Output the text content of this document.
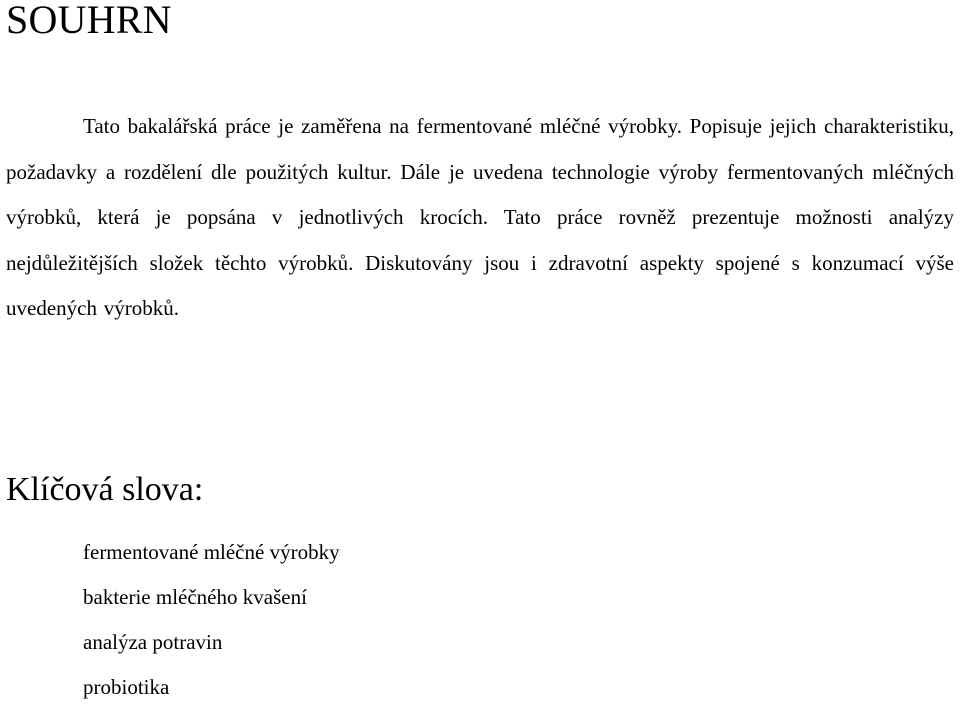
SOUHRN

Tato bakalářská práce je zaměřena na fermentované mléčné výrobky. Popisuje jejich charakteristiku, požadavky a rozdělení dle použitých kultur. Dále je uvedena technologie výroby fermentovaných mléčných výrobků, která je popsána v jednotlivých krocích. Tato práce rovněž prezentuje možnosti analýzy nejdůležitějších složek těchto výrobků. Diskutovány jsou i zdravotní aspekty spojené s konzumací výše uvedených výrobků.

Klíčová slova:
fermentované mléčné výrobky
bakterie mléčného kvašení
analýza potravin
probiotika
